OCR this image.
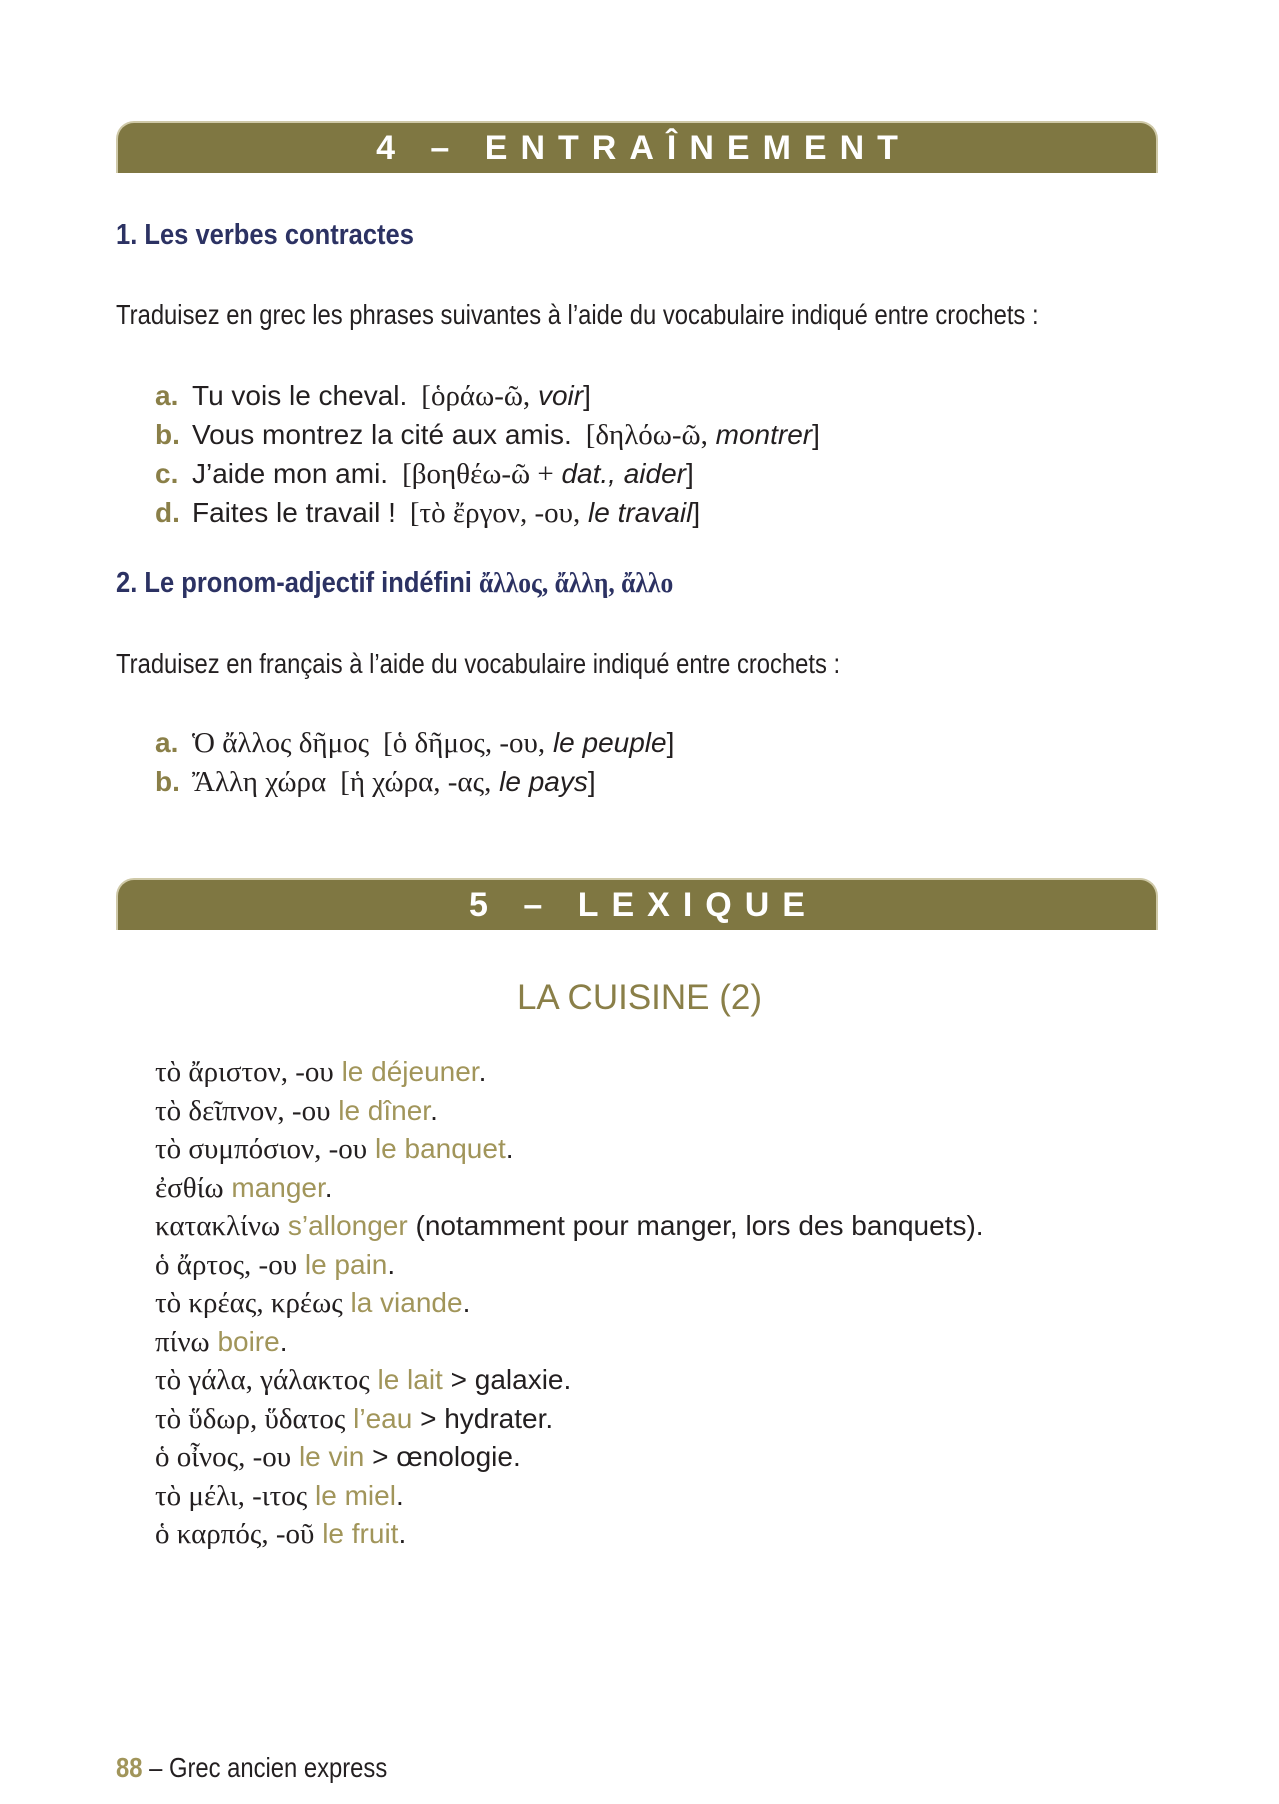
4 – ENTRAÎNEMENT
1. Les verbes contractes
Traduisez en grec les phrases suivantes à l’aide du vocabulaire indiqué entre crochets :
a. Tu vois le cheval. [ὁράω-ῶ, voir]
b. Vous montrez la cité aux amis. [δηλόω-ῶ, montrer]
c. J’aide mon ami. [βοηθέω-ῶ + dat., aider]
d. Faites le travail ! [τὸ ἔργον, -ου, le travail]
2. Le pronom-adjectif indéfini ἄλλος, ἄλλη, ἄλλο
Traduisez en français à l’aide du vocabulaire indiqué entre crochets :
a. Ὁ ἄλλος δῆμος [ὁ δῆμος, -ου, le peuple]
b. Ἄλλη χώρα [ἡ χώρα, -ας, le pays]
5 – LEXIQUE
LA CUISINE (2)
τὸ ἄριστον, -ου le déjeuner.
τὸ δεῖπνον, -ου le dîner.
τὸ συμπόσιον, -ου le banquet.
ἐσθίω manger.
κατακλίνω s’allonger (notamment pour manger, lors des banquets).
ὁ ἄρτος, -ου le pain.
τὸ κρέας, κρέως la viande.
πίνω boire.
τὸ γάλα, γάλακτος le lait > galaxie.
τὸ ὕδωρ, ὕδατος l’eau > hydrater.
ὁ οἶνος, -ου le vin > œnologie.
τὸ μέλι, -ιτος le miel.
ὁ καρπός, -οῦ le fruit.
88 – Grec ancien express
